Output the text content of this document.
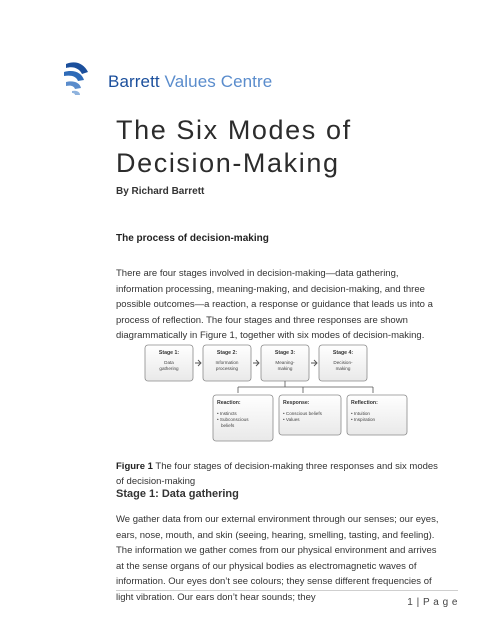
Barrett Values Centre
The Six Modes of Decision-Making
By Richard Barrett
The process of decision-making

There are four stages involved in decision-making—data gathering, information processing, meaning-making, and decision-making, and three possible outcomes—a reaction, a response or guidance that leads us into a process of reflection. The four stages and three responses are shown diagrammatically in Figure 1, together with six modes of decision-making.

Stage 1:
Data
gathering
Stage 2:
Information
processing
Stage 3:
Meaning-
making
Stage 4:
Decision-
making
Reaction:
• Instincts
• Subconscious
beliefs
Response:
• Conscious beliefs
• Values
Reflection:
• Intuition
• Inspiration

Figure 1 The four stages of decision-making three responses and six modes of decision-making

Stage 1: Data gathering

We gather data from our external environment through our senses; our eyes, ears, nose, mouth, and skin (seeing, hearing, smelling, tasting, and feeling). The information we gather comes from our physical environment and arrives at the sense organs of our physical bodies as electromagnetic waves of information. Our eyes don’t see colours; they sense different frequencies of light vibration. Our ears don’t hear sounds; they	1 | P a g e
